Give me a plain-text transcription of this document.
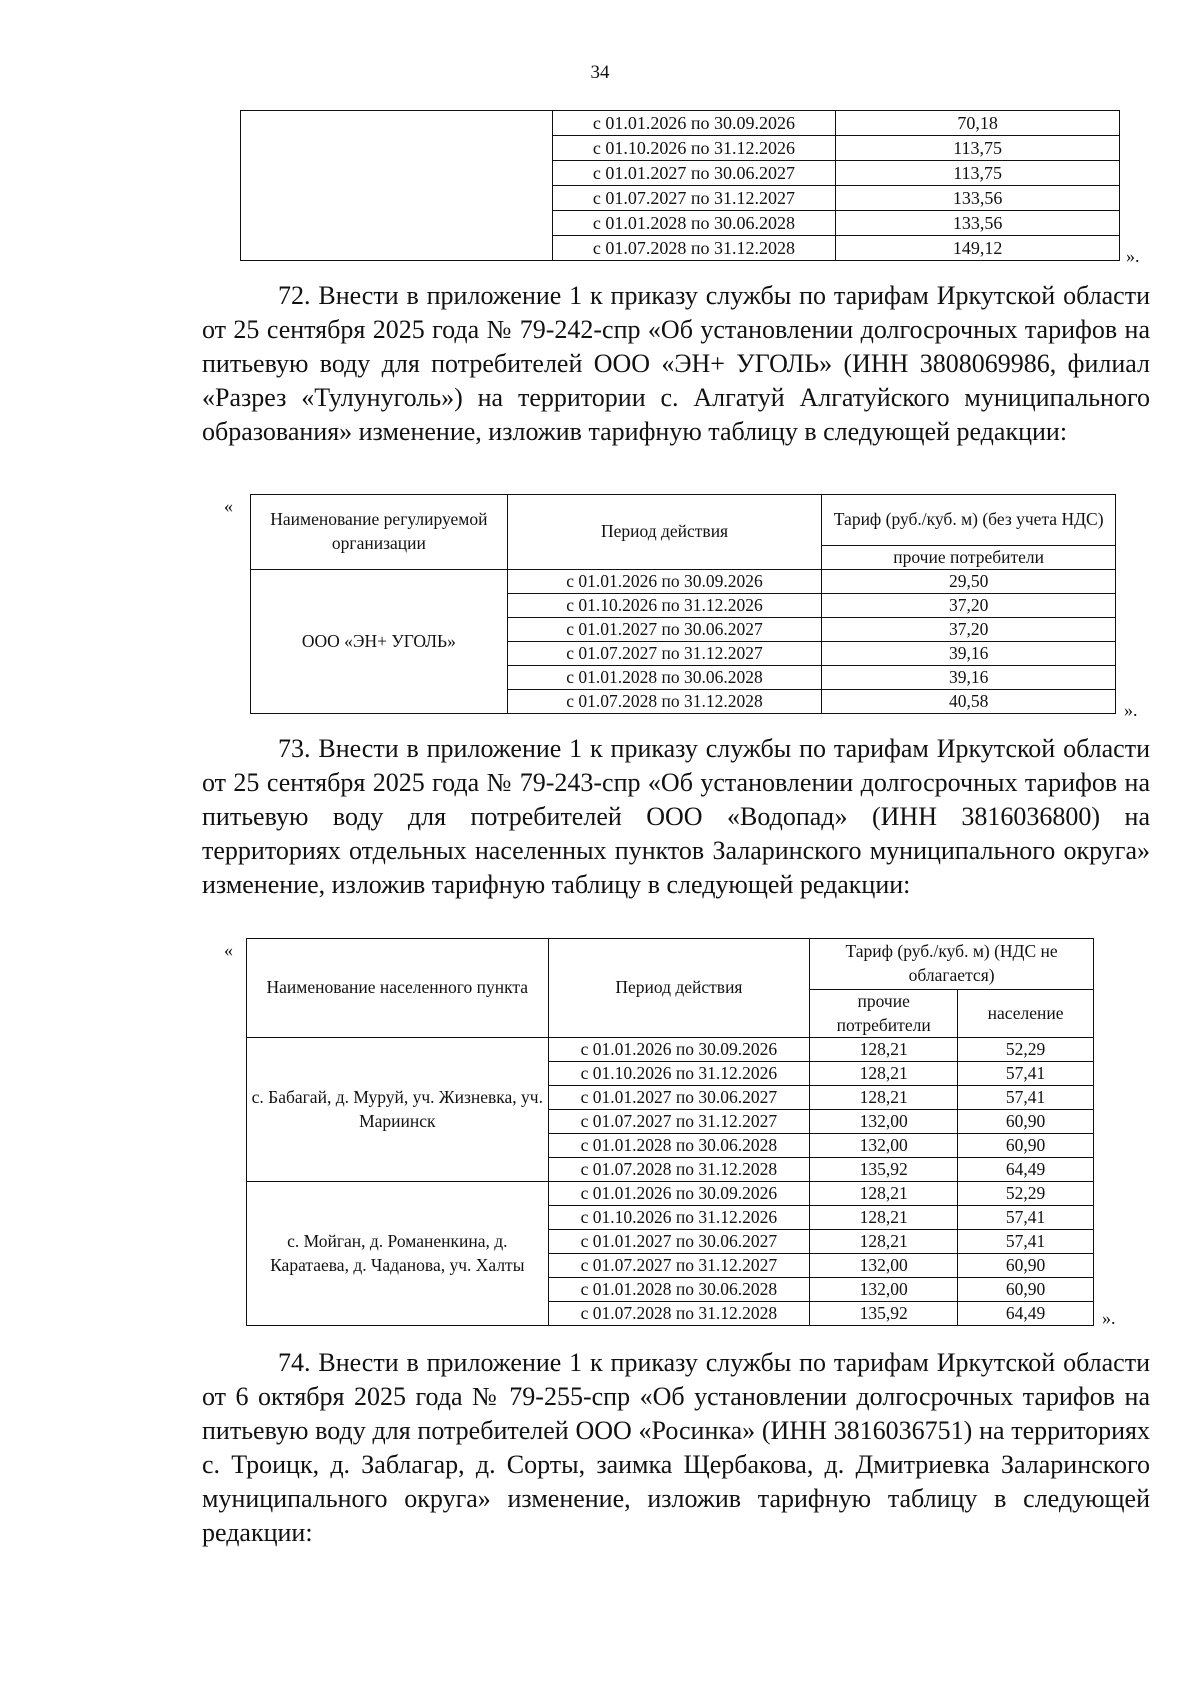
34
	с 01.01.2026 по 30.09.2026	70,18
	с 01.10.2026 по 31.12.2026	113,75
	с 01.01.2027 по 30.06.2027	113,75
	с 01.07.2027 по 31.12.2027	133,56
	с 01.01.2028 по 30.06.2028	133,56
	с 01.07.2028 по 31.12.2028	149,12	».

72. Внести в приложение 1 к приказу службы по тарифам Иркутской области от 25 сентября 2025 года № 79-242-спр «Об установлении долгосрочных тарифов на питьевую воду для потребителей ООО «ЭН+ УГОЛЬ» (ИНН 3808069986, филиал «Разрез «Тулунуголь») на территории с. Алгатуй Алгатуйского муниципального образования» изменение, изложив тарифную таблицу в следующей редакции:

«
Наименование регулируемой организации	Период действия	Тариф (руб./куб. м) (без учета НДС)
		прочие потребители
ООО «ЭН+ УГОЛЬ»	с 01.01.2026 по 30.09.2026	29,50
	с 01.10.2026 по 31.12.2026	37,20
	с 01.01.2027 по 30.06.2027	37,20
	с 01.07.2027 по 31.12.2027	39,16
	с 01.01.2028 по 30.06.2028	39,16
	с 01.07.2028 по 31.12.2028	40,58	».

73. Внести в приложение 1 к приказу службы по тарифам Иркутской области от 25 сентября 2025 года № 79-243-спр «Об установлении долгосрочных тарифов на питьевую воду для потребителей ООО «Водопад» (ИНН 3816036800) на территориях отдельных населенных пунктов Заларинского муниципального округа» изменение, изложив тарифную таблицу в следующей редакции:

«
Наименование населенного пункта	Период действия	Тариф (руб./куб. м) (НДС не облагается)	
		прочие потребители	население
с. Бабагай, д. Муруй, уч. Жизневка, уч. Мариинск	с 01.01.2026 по 30.09.2026	128,21	52,29
	с 01.10.2026 по 31.12.2026	128,21	57,41
	с 01.01.2027 по 30.06.2027	128,21	57,41
	с 01.07.2027 по 31.12.2027	132,00	60,90
	с 01.01.2028 по 30.06.2028	132,00	60,90
	с 01.07.2028 по 31.12.2028	135,92	64,49
с. Мойган, д. Романенкина, д. Каратаева, д. Чаданова, уч. Халты	с 01.01.2026 по 30.09.2026	128,21	52,29
	с 01.10.2026 по 31.12.2026	128,21	57,41
	с 01.01.2027 по 30.06.2027	128,21	57,41
	с 01.07.2027 по 31.12.2027	132,00	60,90
	с 01.01.2028 по 30.06.2028	132,00	60,90
	с 01.07.2028 по 31.12.2028	135,92	64,49	».

74. Внести в приложение 1 к приказу службы по тарифам Иркутской области от 6 октября 2025 года № 79-255-спр «Об установлении долгосрочных тарифов на питьевую воду для потребителей ООО «Росинка» (ИНН 3816036751) на территориях с. Троицк, д. Заблагар, д. Сорты, заимка Щербакова, д. Дмитриевка Заларинского муниципального округа» изменение, изложив тарифную таблицу в следующей редакции:
